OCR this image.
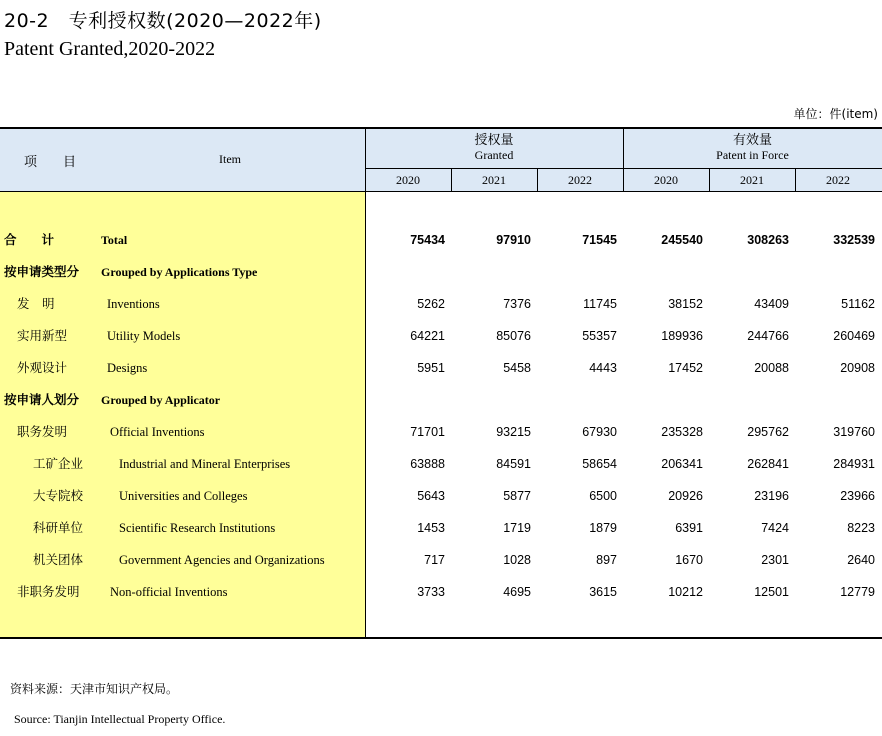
20-2　专利授权数(2020—2022年)
Patent Granted,2020-2022
单位：件(item)
项　　目	Item
授权量
Granted
有效量
Patent in Force
2020	2021	2022	2020	2021	2022
合　　计	Total	75434	97910	71545	245540	308263	332539
按申请类型分 Grouped by Applications Type
发　明	Inventions	5262	7376	11745	38152	43409	51162
实用新型	Utility Models	64221	85076	55357	189936	244766	260469
外观设计	Designs	5951	5458	4443	17452	20088	20908
按申请人划分 Grouped by Applicator
职务发明	Official Inventions	71701	93215	67930	235328	295762	319760
工矿企业	Industrial and Mineral Enterprises	63888	84591	58654	206341	262841	284931
大专院校	Universities and Colleges	5643	5877	6500	20926	23196	23966
科研单位	Scientific Research Institutions	1453	1719	1879	6391	7424	8223
机关团体	Government Agencies and Organizations	717	1028	897	1670	2301	2640
非职务发明 Non-official Inventions	3733	4695	3615	10212	12501	12779
资料来源：天津市知识产权局。
Source: Tianjin Intellectual Property Office.
